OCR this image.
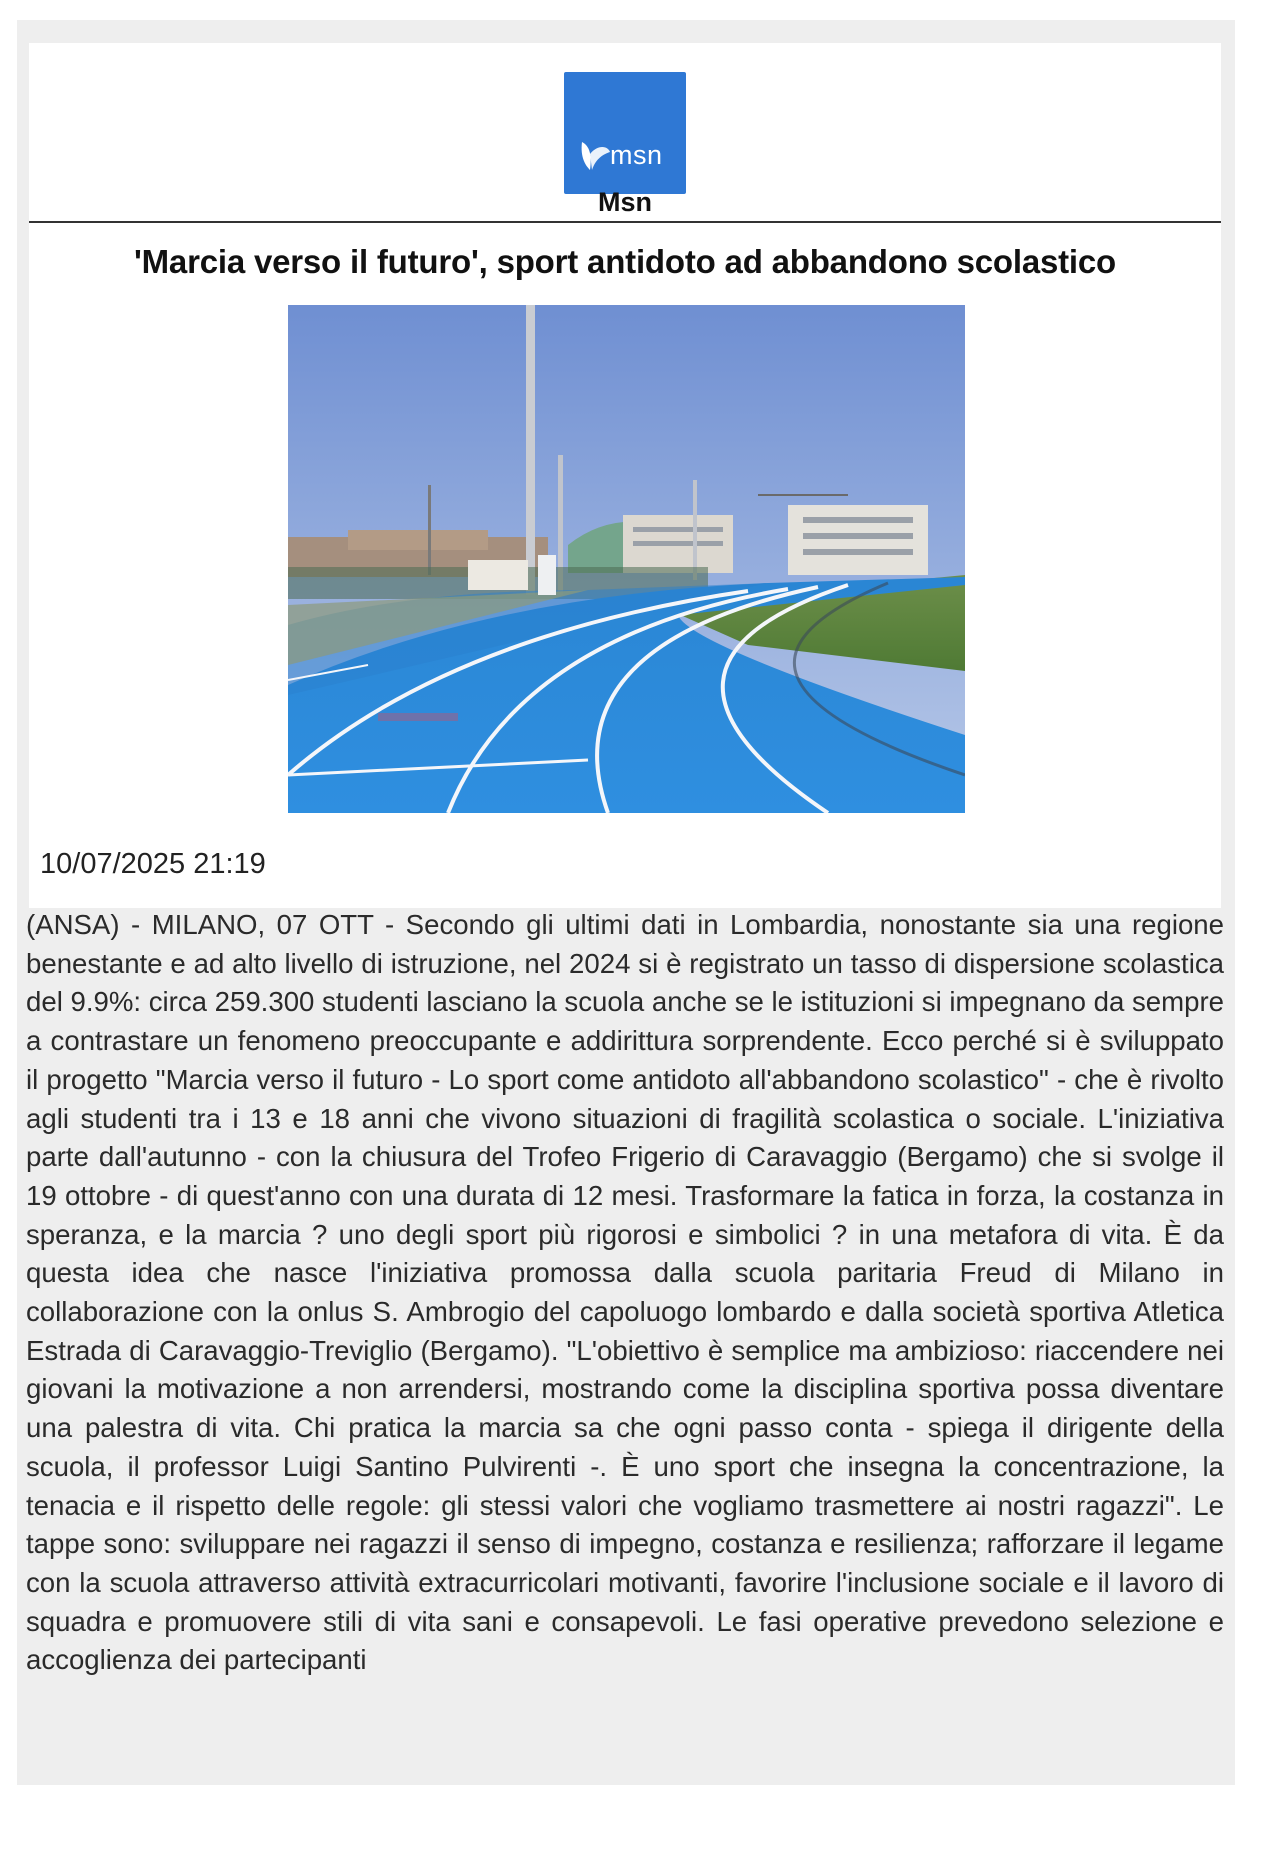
msn
Msn
'Marcia verso il futuro', sport antidoto ad abbandono scolastico
10/07/2025 21:19

(ANSA) - MILANO, 07 OTT - Secondo gli ultimi dati in Lombardia, nonostante sia una regione benestante e ad alto livello di istruzione, nel 2024 si è registrato un tasso di dispersione scolastica del 9.9%: circa 259.300 studenti lasciano la scuola anche se le istituzioni si impegnano da sempre a contrastare un fenomeno preoccupante e addirittura sorprendente. Ecco perché si è sviluppato il progetto "Marcia verso il futuro - Lo sport come antidoto all'abbandono scolastico" - che è rivolto agli studenti tra i 13 e 18 anni che vivono situazioni di fragilità scolastica o sociale. L'iniziativa parte dall'autunno - con la chiusura del Trofeo Frigerio di Caravaggio (Bergamo) che si svolge il 19 ottobre - di quest'anno con una durata di 12 mesi. Trasformare la fatica in forza, la costanza in speranza, e la marcia ? uno degli sport più rigorosi e simbolici ? in una metafora di vita. È da questa idea che nasce l'iniziativa promossa dalla scuola paritaria Freud di Milano in collaborazione con la onlus S. Ambrogio del capoluogo lombardo e dalla società sportiva Atletica Estrada di Caravaggio-Treviglio (Bergamo). "L'obiettivo è semplice ma ambizioso: riaccendere nei giovani la motivazione a non arrendersi, mostrando come la disciplina sportiva possa diventare una palestra di vita. Chi pratica la marcia sa che ogni passo conta - spiega il dirigente della scuola, il professor Luigi Santino Pulvirenti -. È uno sport che insegna la concentrazione, la tenacia e il rispetto delle regole: gli stessi valori che vogliamo trasmettere ai nostri ragazzi". Le tappe sono: sviluppare nei ragazzi il senso di impegno, costanza e resilienza; rafforzare il legame con la scuola attraverso attività extracurricolari motivanti, favorire l'inclusione sociale e il lavoro di squadra e promuovere stili di vita sani e consapevoli. Le fasi operative prevedono selezione e accoglienza dei partecipanti
